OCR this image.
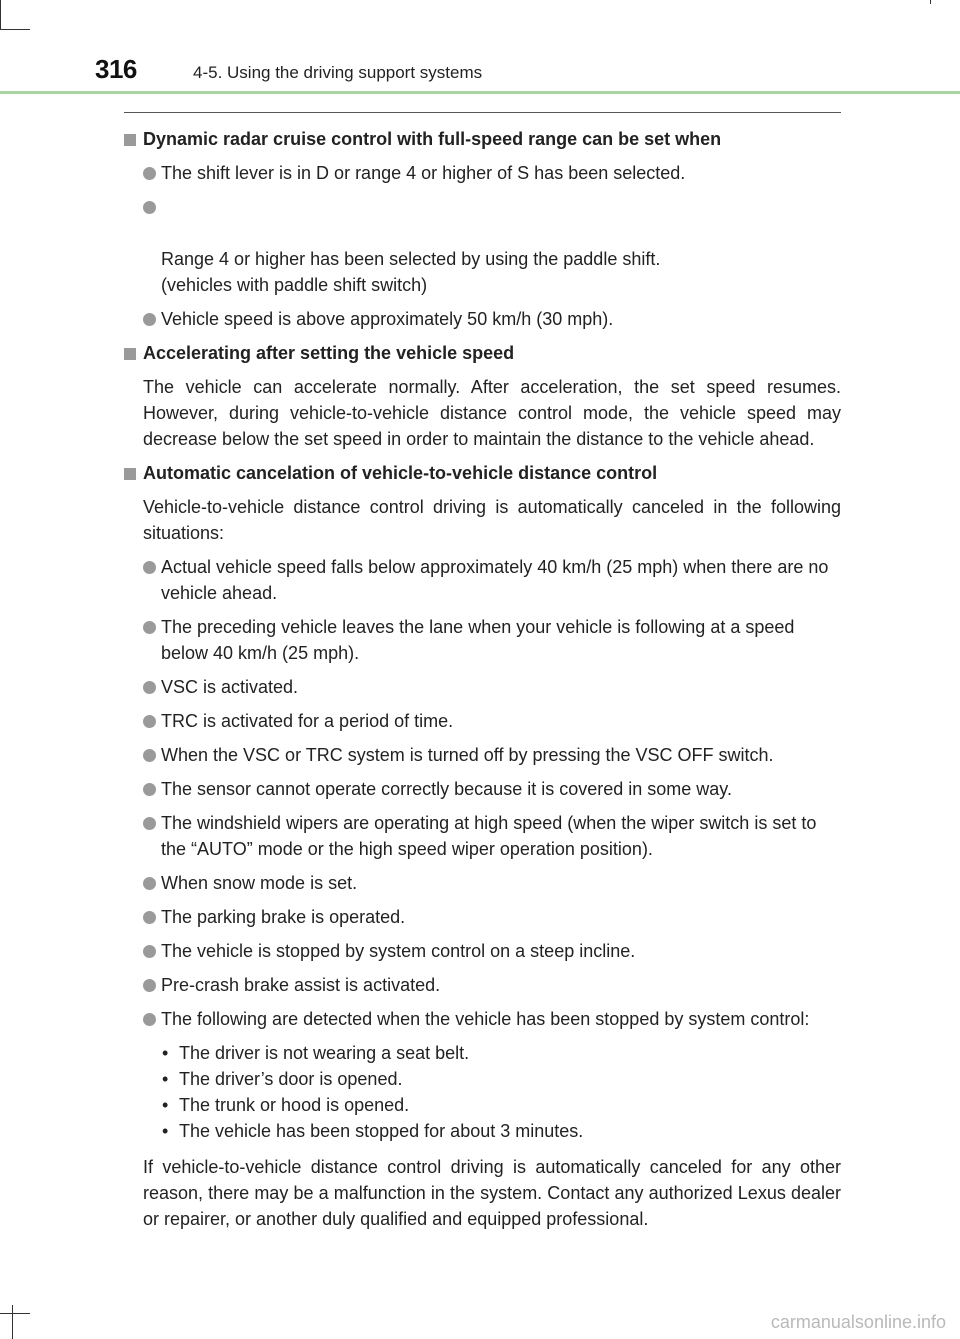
316	4-5. Using the driving support systems
Dynamic radar cruise control with full-speed range can be set when
The shift lever is in D or range 4 or higher of S has been selected.

Range 4 or higher has been selected by using the paddle shift.
(vehicles with paddle shift switch)

Vehicle speed is above approximately 50 km/h (30 mph).
Accelerating after setting the vehicle speed
The vehicle can accelerate normally. After acceleration, the set speed resumes. However, during vehicle-to-vehicle distance control mode, the vehicle speed may decrease below the set speed in order to maintain the distance to the vehicle ahead.
Automatic cancelation of vehicle-to-vehicle distance control
Vehicle-to-vehicle distance control driving is automatically canceled in the following situations:
Actual vehicle speed falls below approximately 40 km/h (25 mph) when there are no vehicle ahead.
The preceding vehicle leaves the lane when your vehicle is following at a speed below 40 km/h (25 mph).
VSC is activated.
TRC is activated for a period of time.
When the VSC or TRC system is turned off by pressing the VSC OFF switch.
The sensor cannot operate correctly because it is covered in some way.
The windshield wipers are operating at high speed (when the wiper switch is set to the “AUTO” mode or the high speed wiper operation position).
When snow mode is set.
The parking brake is operated.
The vehicle is stopped by system control on a steep incline.
Pre-crash brake assist is activated.
The following are detected when the vehicle has been stopped by system control:
• The driver is not wearing a seat belt.
• The driver’s door is opened.
• The trunk or hood is opened.
• The vehicle has been stopped for about 3 minutes.
If vehicle-to-vehicle distance control driving is automatically canceled for any other reason, there may be a malfunction in the system. Contact any authorized Lexus dealer or repairer, or another duly qualified and equipped professional.
carmanualsonline.info
